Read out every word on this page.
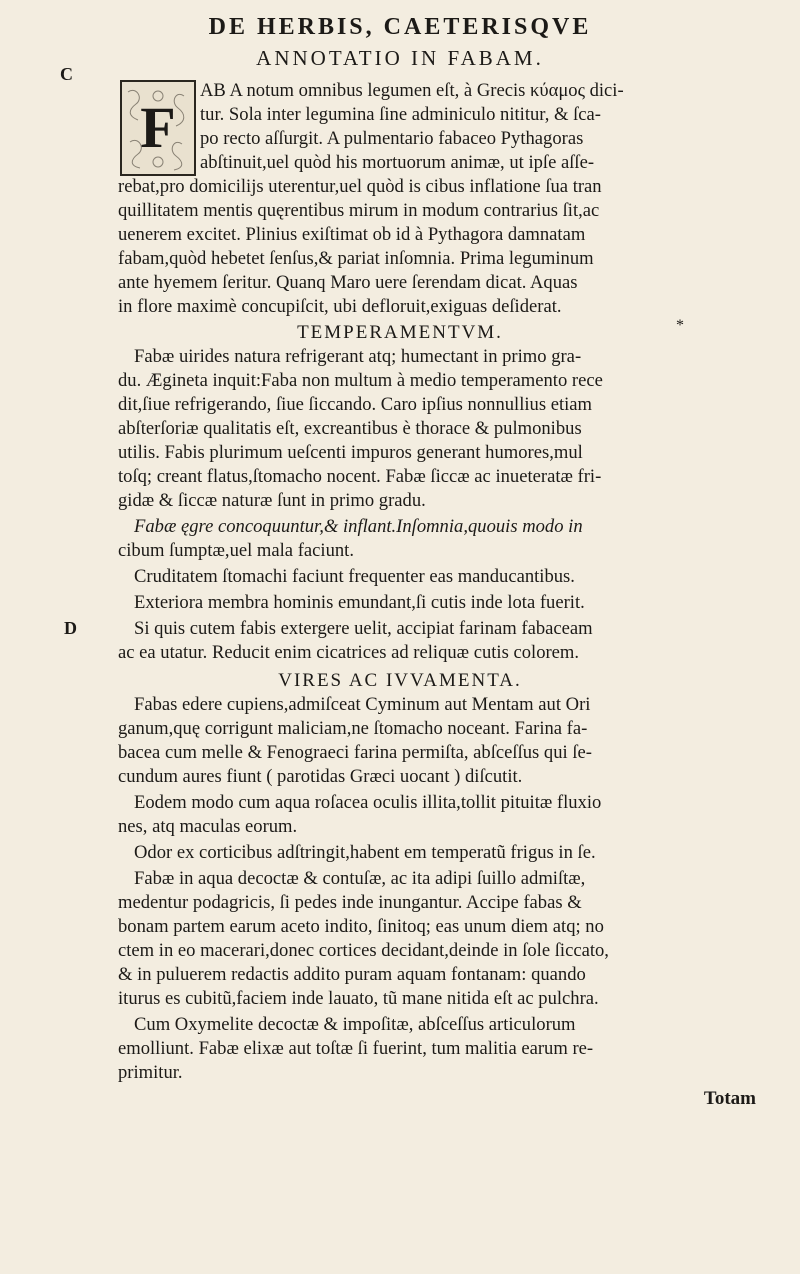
DE HERBIS, CAETERISQVE
ANNOTATIO IN FABAM.
C
D
F
AB A notum omnibus legumen eſt, à Grecis κύαμος dici-
tur. Sola inter legumina ſine adminiculo nititur, & ſca-
po recto aſſurgit. A pulmentario fabaceo Pythagoras
abſtinuit,uel quòd his mortuorum animæ, ut ipſe aſſe-
rebat,pro domicilijs uterentur,uel quòd is cibus inflatione ſua tran
quillitatem mentis quęrentibus mirum in modum contrarius ſit,ac
uenerem excitet. Plinius exiſtimat ob id à Pythagora damnatam
fabam,quòd hebetet ſenſus,& pariat inſomnia. Prima leguminum
ante hyemem ſeritur. Quanq Maro uere ſerendam dicat. Aquas
in flore maximè concupiſcit, ubi defloruit,exiguas deſiderat.
TEMPERAMENTVM.	*
Fabæ uirides natura refrigerant atq; humectant in primo gra-
du. Ægineta inquit:Faba non multum à medio temperamento rece
dit,ſiue refrigerando, ſiue ſiccando. Caro ipſius nonnullius etiam
abſterſoriæ qualitatis eſt, excreantibus è thorace & pulmonibus
utilis. Fabis plurimum ueſcenti impuros generant humores,mul
toſq; creant flatus,ſtomacho nocent. Fabæ ſiccæ ac inueteratæ fri-
gidæ & ſiccæ naturæ ſunt in primo gradu.
Fabæ ęgre concoquuntur,& inflant.Inſomnia,quouis modo in
cibum ſumptæ,uel mala faciunt.
Cruditatem ſtomachi faciunt frequenter eas manducantibus.
Exteriora membra hominis emundant,ſi cutis inde lota fuerit.
Si quis cutem fabis extergere uelit, accipiat farinam fabaceam
ac ea utatur. Reducit enim cicatrices ad reliquæ cutis colorem.
VIRES AC IVVAMENTA.
Fabas edere cupiens,admiſceat Cyminum aut Mentam aut Ori
ganum,quę corrigunt maliciam,ne ſtomacho noceant. Farina fa-
bacea cum melle & Fenograeci farina permiſta, abſceſſus qui ſe-
cundum aures fiunt ( parotidas Græci uocant ) diſcutit.
Eodem modo cum aqua roſacea oculis illita,tollit pituitæ fluxio
nes, atq maculas eorum.
Odor ex corticibus adſtringit,habent em temperatũ frigus in ſe.
Fabæ in aqua decoctæ & contuſæ, ac ita adipi ſuillo admiſtæ,
medentur podagricis, ſi pedes inde inungantur. Accipe fabas &
bonam partem earum aceto indito, ſinitoq; eas unum diem atq; no
ctem in eo macerari,donec cortices decidant,deinde in ſole ſiccato,
& in puluerem redactis addito puram aquam fontanam: quando
iturus es cubitũ,faciem inde lauato, tũ mane nitida eſt ac pulchra.
Cum Oxymelite decoctæ & impoſitæ, abſceſſus articulorum
emolliunt. Fabæ elixæ aut toſtæ ſi fuerint, tum malitia earum re-
primitur.
Totam
